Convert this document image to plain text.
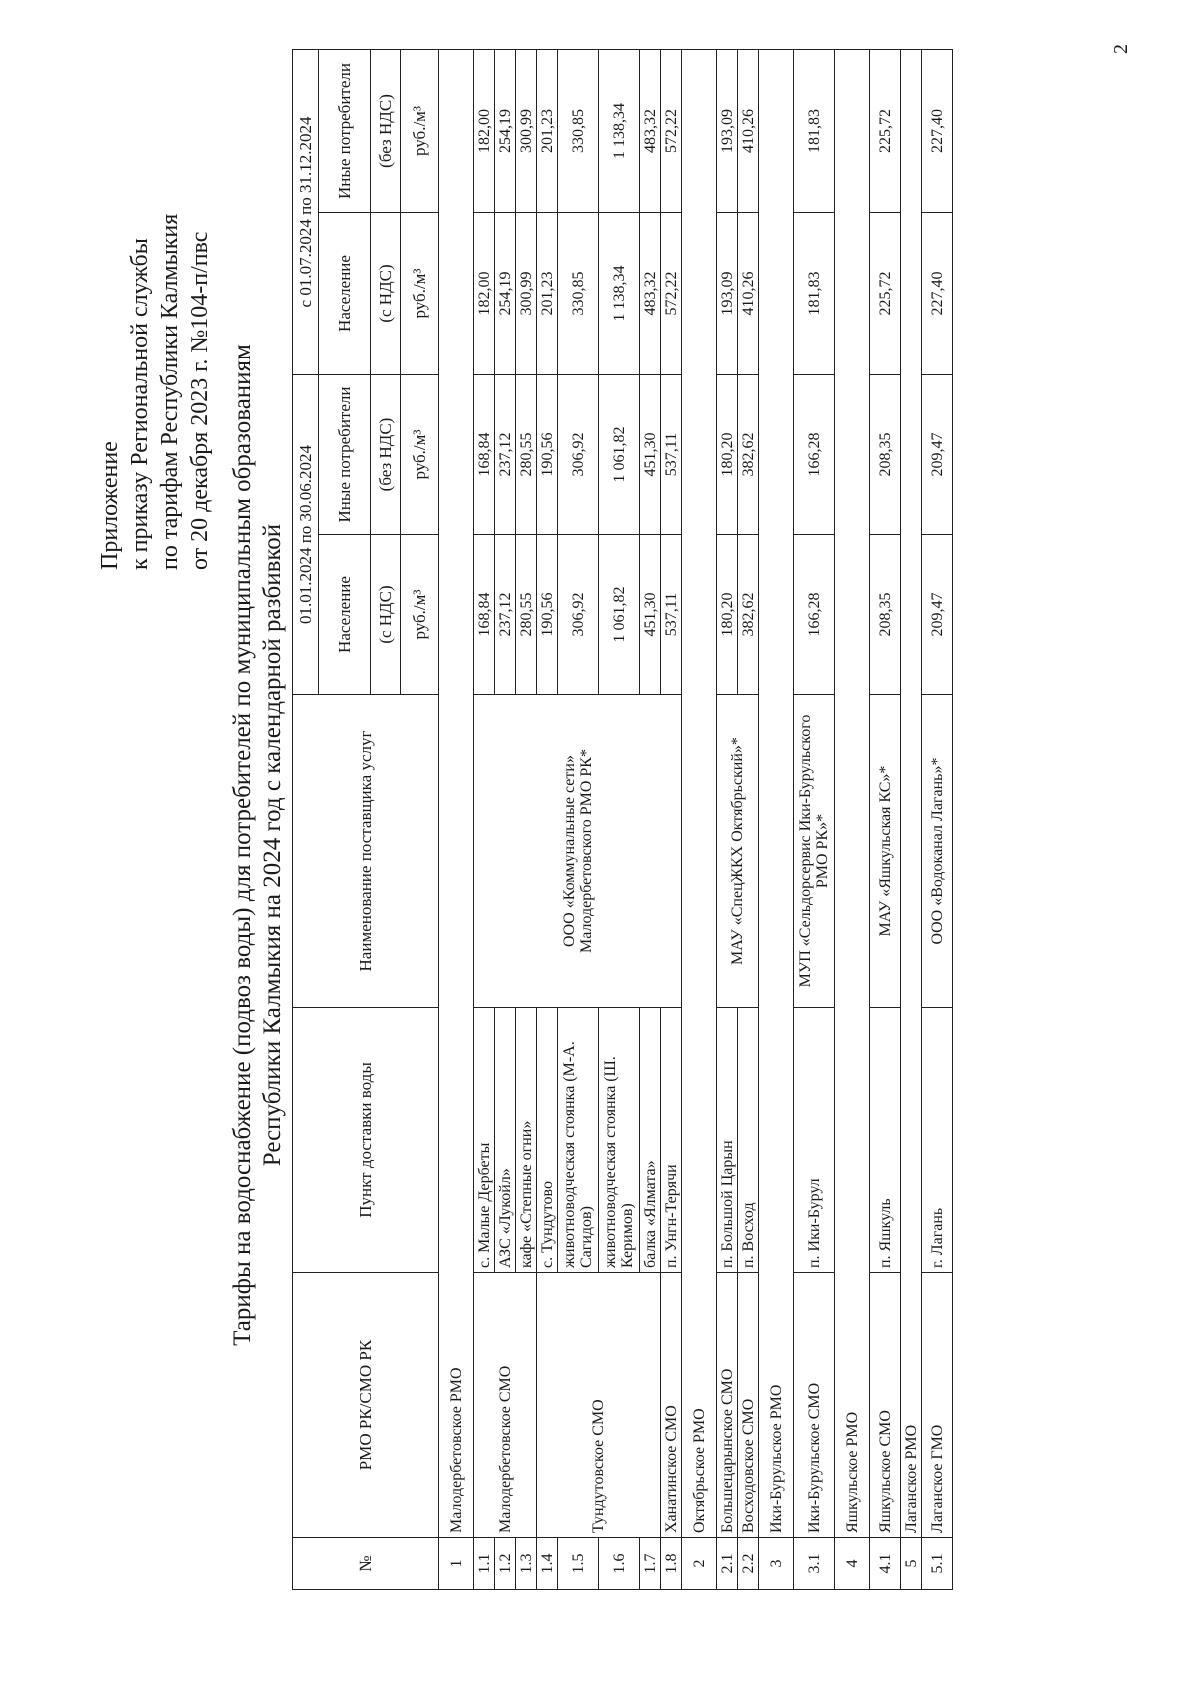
Приложение к приказу Региональной службы по тарифам Республики Калмыкия от 20 декабря 2023 г. №104-п/пвс Тарифы на водоснабжение (подвоз воды) для потребителей по муниципальным образованиям Республики Калмыкия на 2024 год с календарной разбивкой
№	РМО РК/СМО РК	Пункт доставки воды	Наименование поставщика услуг	01.01.2024 по 30.06.2024		с 01.07.2024 по 31.12.2024	
				Население	Иные потребители	Население	Иные потребители
				(с НДС)	(без НДС)	(с НДС)	(без НДС)
				руб./м³	руб./м³	руб./м³	руб./м³
1	Малодербетовское РМО						
1.1	Малодербетовское СМО	с. Малые Дербеты	ООО «Коммунальные сети» Малодербетовского РМО РК*	168,84	168,84	182,00	182,00
1.2		АЗС «Лукойл»		237,12	237,12	254,19	254,19
1.3		кафе «Степные огни»		280,55	280,55	300,99	300,99
1.4	Тундутовское СМО	с. Тундутово		190,56	190,56	201,23	201,23
1.5		животноводческая стоянка (М-А. Сагидов)		306,92	306,92	330,85	330,85
1.6		животноводческая стоянка (Ш. Керимов)		1 061,82	1 061,82	1 138,34	1 138,34
1.7		балка «Ялмата»		451,30	451,30	483,32	483,32
1.8	Ханатинское СМО	п. Унгн-Терячи		537,11	537,11	572,22	572,22
2	Октябрьское РМО						
2.1	Большецарынское СМО	п. Большой Царын	МАУ «СпецЖКХ Октябрьский»*	180,20	180,20	193,09	193,09
2.2	Восходовское СМО	п. Восход		382,62	382,62	410,26	410,26
3	Ики-Бурульское РМО						
3.1	Ики-Бурульское СМО	п. Ики-Бурул	МУП «Сельдорсервис Ики-Бурульского РМО РК»*	166,28	166,28	181,83	181,83
4	Яшкульское РМО						
4.1	Яшкульское СМО	п. Яшкуль	МАУ «Яшкульская КС»*	208,35	208,35	225,72	225,72
5	Лаганское РМО						
5.1	Лаганское ГМО	г. Лагань	ООО «Водоканал Лагань»*	209,47	209,47	227,40	227,40
2
